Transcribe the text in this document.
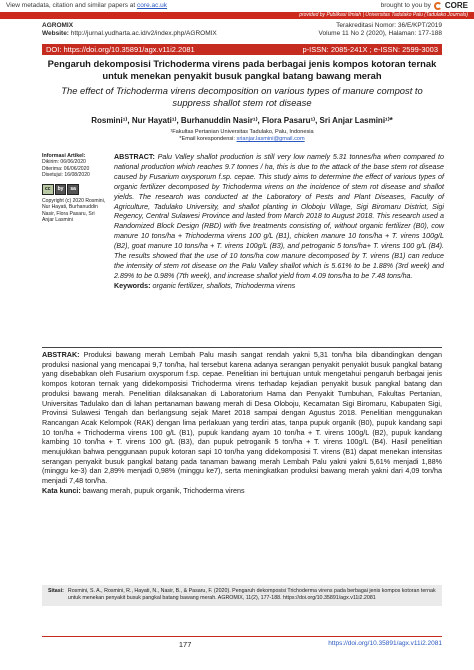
View metadata, citation and similar papers at core.ac.uk	brought to you by CORE
provided by Publikasi Ilmiah | Universitas Tadulako Palu (Tadulako Journals)
AGROMIX	Terakreditasi Nomor: 36/E/KPT/2019
Website: http://jurnal.yudharta.ac.id/v2/index.php/AGROMIX	Volume 11 No 2 (2020), Halaman: 177-188
DOI: https://doi.org/10.35891/agx.v11i2.2081	p-ISSN: 2085-241X ; e-ISSN: 2599-3003
Pengaruh dekomposisi Trichoderma virens pada berbagai jenis kompos kotoran ternak untuk menekan penyakit busuk pangkal batang bawang merah
The effect of Trichoderma virens decomposition on various types of manure compost to suppress shallot stem rot disease
Rosmini¹⁾, Nur Hayati¹⁾, Burhanuddin Nasir¹⁾, Flora Pasaru¹⁾, Sri Anjar Lasmini¹⁾*
¹Fakultas Pertanian Universitas Tadulako, Palu, Indonesia
*Email korespondensi: srianjar.lasmini@gmail.com
Informasi Artikel:
Dikirim: 06/06/2020
Diterima: 06/06/2020
Disetujui: 16/08/2020
cc	by	sa
Copyright (c) 2020 Rosmini, Nur Hayati, Burhanuddin Nasir, Flora Pasaru, Sri Anjar Lasmini
ABSTRACT: Palu Valley shallot production is still very low namely 5.31 tonnes/ha when compared to national production which reaches 9.7 tonnes / ha, this is due to the attack of the base stem rot disease caused by Fusarium oxysporum f.sp. cepae. This study aims to determine the effect of various types of organic fertilizer decomposed by Trichoderma virens on the incidence of stem rot disease and shallot yields. The research was conducted at the Laboratory of Pests and Plant Diseases, Faculty of Agriculture, Tadulako University, and shallot planting in Oloboju Village, Sigi Biromaru District, Sigi Regency, Central Sulawesi Province and lasted from March 2018 to August 2018. This research used a Randomized Block Design (RBD) with five treatments consisting of, without organic fertilizer (B0), cow manure 10 tons/ha + Trichoderma virens 100 g/L (B1), chicken manure 10 tons/ha + T. virens 100g/L (B2), goat manure 10 tons/ha + T. virens 100g/L (B3), and petroganic 5 tons/ha+ T. virens 100 g/L (B4). The results showed that the use of 10 tons/ha cow manure decomposed by T. virens (B1) can reduce the intensity of stem rot disease on the Palu Valley shallot which is 5.61% to be 1.88% (3rd week) and 2.89% to be 0.98% (7th week), and increase shallot yield from 4.09 tons/ha to be 7.48 tons/ha.
Keywords: organic fertilizer, shallots, Trichoderma virens
ABSTRAK: Produksi bawang merah Lembah Palu masih sangat rendah yakni 5,31 ton/ha bila dibandingkan dengan produksi nasional yang mencapai 9,7 ton/ha, hal tersebut karena adanya serangan penyakit penyakit busuk pangkal batang yang disebabkan oleh Fusarium oxysporum f.sp. cepae. Penelitian ini bertujuan untuk mengetahui pengaruh berbagai jenis kompos kotoran ternak yang didekomposisi Trichoderma virens terhadap kejadian penyakit busuk pangkal batang dan produksi bawang merah. Penelitian dilaksanakan di Laboratorium Hama dan Penyakit Tumbuhan, Fakultas Pertanian, Universitas Tadulako dan di lahan pertanaman bawang merah di Desa Oloboju, Kecamatan Sigi Biromaru, Kabupaten Sigi, Provinsi Sulawesi Tengah dan berlangsung sejak Maret 2018 sampai dengan Agustus 2018. Penelitian menggunakan Rancangan Acak Kelompok (RAK) dengan lima perlakuan yang terdiri atas, tanpa pupuk organik (B0), pupuk kandang sapi 10 ton/ha + Trichoderma virens 100 g/L (B1), pupuk kandang ayam 10 ton/ha + T. virens 100g/L (B2), pupuk kandang kambing 10 ton/ha + T. virens 100 g/L (B3), dan pupuk petroganik 5 ton/ha + T. virens 100g/L (B4). Hasil penelitian menujukkan bahwa penggunaan pupuk kotoran sapi 10 ton/ha yang didekomposisi T. virens (B1) dapat menekan intensitas serangan penyakit busuk pangkal batang pada tanaman bawang merah Lembah Palu yakni yakni 5,61% menjadi 1,88% (minggu ke-3) dan 2,89% menjadi 0,98% (minggu ke7), serta meningkatkan produksi bawang merah yakni dari 4,09 ton/ha menjadi 7,48 ton/ha.
Kata kunci: bawang merah, pupuk organik, Trichoderma virens
Sitasi: Rosmini, S. A., Rosmini, R., Hayati, N., Nasir, B., & Pasaru, F. (2020). Pengaruh dekomposisi Trichoderma virens pada berbagai jenis kompos kotoran ternak untuk menekan penyakit busuk pangkal batang bawang merah. AGROMIX, 11(2), 177-188. https://doi.org/10.35891/agx.v11i2.2081
177	https://doi.org/10.35891/agx.v11i2.2081
